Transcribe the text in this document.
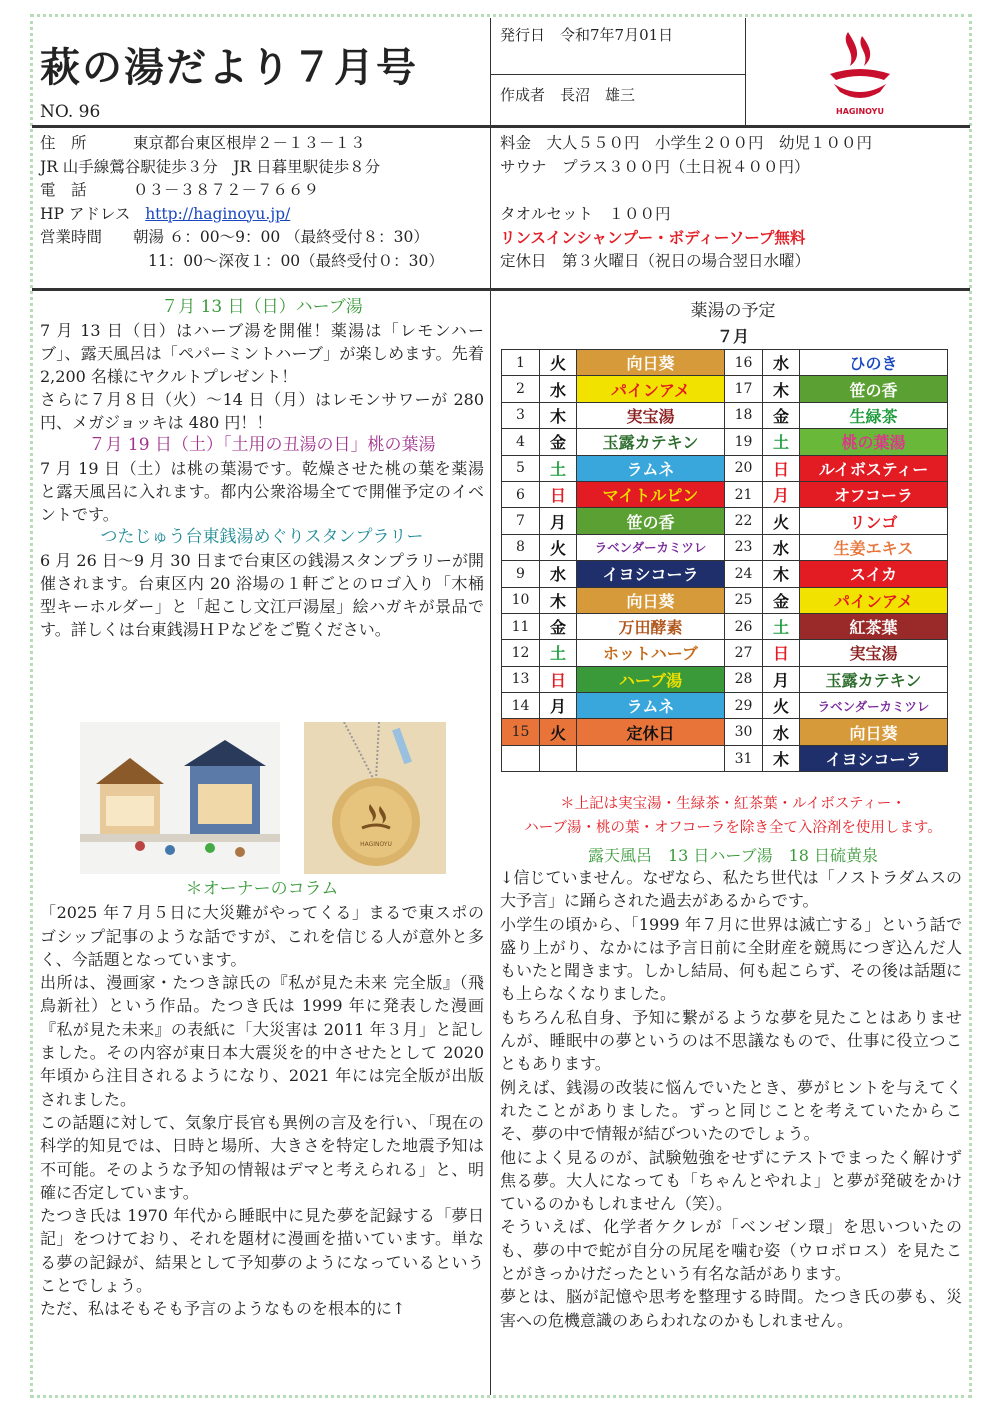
萩の湯だより７月号
NO. 96
発行日　令和7年7月01日
作成者　長沼　雄三
HAGINOYU
住　所　　　東京都台東区根岸２－１３－１３
JR 山手線鶯谷駅徒歩３分　JR 日暮里駅徒歩８分
電　話　　　０３－３８７２－７６６９
HP アドレス http://haginoyu.jp/
営業時間　　朝湯 ６：00～9：00 （最終受付８：30）
11：00～深夜１：00（最終受付０：30）
料金　大人５５０円　小学生２００円　幼児１００円
サウナ　プラス３００円（土日祝４００円）
タオルセット　１００円
リンスインシャンプー・ボディーソープ無料
定休日　第３火曜日（祝日の場合翌日水曜）
７月 13 日（日）ハーブ湯

7 月 13 日（日）はハーブ湯を開催！薬湯は「レモンハーブ」、露天風呂は「ペパーミントハーブ」が楽しめます。先着 2,200 名様にヤクルトプレゼント！

さらに７月８日（火）～14 日（月）はレモンサワーが 280 円、メガジョッキは 480 円！！

７月 19 日（土）「土用の丑湯の日」桃の葉湯

7 月 19 日（土）は桃の葉湯です。乾燥させた桃の葉を薬湯と露天風呂に入れます。都内公衆浴場全てで開催予定のイベントです。

つたじゅう台東銭湯めぐりスタンプラリー

6 月 26 日～9 月 30 日まで台東区の銭湯スタンプラリーが開催されます。台東区内 20 浴場の１軒ごとのロゴ入り「木桶型キーホルダー」と「起こし文江戸湯屋」絵ハガキが景品です。詳しくは台東銭湯ＨＰなどをご覧ください。

HAGINOYU
＊オーナーのコラム

「2025 年７月５日に大災難がやってくる」まるで東スポのゴシップ記事のような話ですが、これを信じる人が意外と多く、今話題となっています。

出所は、漫画家・たつき諒氏の『私が見た未来 完全版』（飛鳥新社）という作品。たつき氏は 1999 年に発表した漫画『私が見た未来』の表紙に「大災害は 2011 年３月」と記しました。その内容が東日本大震災を的中させたとして 2020 年頃から注目されるようになり、2021 年には完全版が出版されました。

この話題に対して、気象庁長官も異例の言及を行い、「現在の科学的知見では、日時と場所、大きさを特定した地震予知は不可能。そのような予知の情報はデマと考えられる」と、明確に否定しています。

たつき氏は 1970 年代から睡眠中に見た夢を記録する「夢日記」をつけており、それを題材に漫画を描いています。単なる夢の記録が、結果として予知夢のようになっているということでしょう。

ただ、私はそもそも予言のようなものを根本的に↑

薬湯の予定
７月
1	火	向日葵	16	水	ひのき
2	水	パインアメ	17	木	笹の香
3	木	実宝湯	18	金	生緑茶
4	金	玉露カテキン	19	土	桃の葉湯
5	土	ラムネ	20	日	ルイボスティー
6	日	マイトルピン	21	月	オフコーラ
7	月	笹の香	22	火	リンゴ
8	火	ラベンダーカミツレ	23	水	生姜エキス
9	水	イヨシコーラ	24	木	スイカ
10	木	向日葵	25	金	パインアメ
11	金	万田酵素	26	土	紅茶葉
12	土	ホットハーブ	27	日	実宝湯
13	日	ハーブ湯	28	月	玉露カテキン
14	月	ラムネ	29	火	ラベンダーカミツレ
15	火	定休日	30	水	向日葵
			31	木	イヨシコーラ
＊上記は実宝湯・生緑茶・紅茶葉・ルイボスティー・
ハーブ湯・桃の葉・オフコーラを除き全て入浴剤を使用します。
露天風呂　13 日ハーブ湯　18 日硫黄泉

↓信じていません。なぜなら、私たち世代は「ノストラダムスの大予言」に踊らされた過去があるからです。

小学生の頃から、「1999 年７月に世界は滅亡する」という話で盛り上がり、なかには予言日前に全財産を競馬につぎ込んだ人もいたと聞きます。しかし結局、何も起こらず、その後は話題にも上らなくなりました。

もちろん私自身、予知に繋がるような夢を見たことはありませんが、睡眠中の夢というのは不思議なもので、仕事に役立つこともあります。

例えば、銭湯の改装に悩んでいたとき、夢がヒントを与えてくれたことがありました。ずっと同じことを考えていたからこそ、夢の中で情報が結びついたのでしょう。

他によく見るのが、試験勉強をせずにテストでまったく解けず焦る夢。大人になっても「ちゃんとやれよ」と夢が発破をかけているのかもしれません（笑）。

そういえば、化学者ケクレが「ベンゼン環」を思いついたのも、夢の中で蛇が自分の尻尾を噛む姿（ウロボロス）を見たことがきっかけだったという有名な話があります。

夢とは、脳が記憶や思考を整理する時間。たつき氏の夢も、災害への危機意識のあらわれなのかもしれません。
